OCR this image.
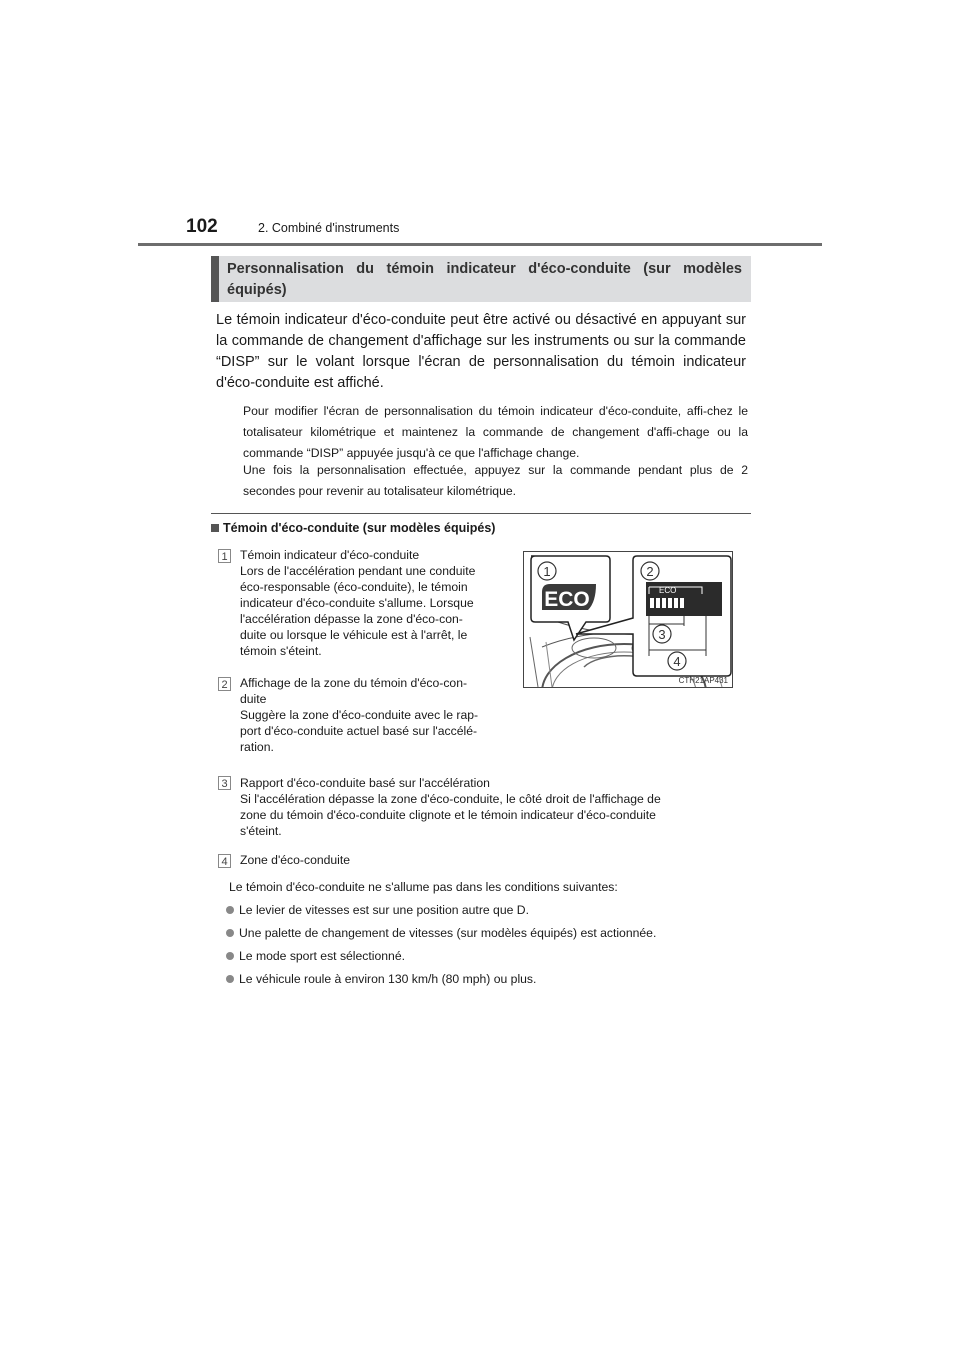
102	2. Combiné d'instruments
Personnalisation du témoin indicateur d'éco-conduite (sur modèles équipés)

Le témoin indicateur d'éco-conduite peut être activé ou désactivé en appuyant sur la commande de changement d'affichage sur les instruments ou sur la commande “DISP” sur le volant lorsque l'écran de personnalisation du témoin indicateur d'éco-conduite est affiché.

Pour modifier l'écran de personnalisation du témoin indicateur d'éco-conduite, affi-chez le totalisateur kilométrique et maintenez la commande de changement d'affi-chage ou la commande “DISP” appuyée jusqu'à ce que l'affichage change.

Une fois la personnalisation effectuée, appuyez sur la commande pendant plus de 2 secondes pour revenir au totalisateur kilométrique.

Témoin d'éco-conduite (sur modèles équipés)
1 Témoin indicateur d'éco-conduite
Lors de l'accélération pendant une conduite
éco-responsable (éco-conduite), le témoin
indicateur d'éco-conduite s'allume. Lorsque
l'accélération dépasse la zone d'éco-con-
duite ou lorsque le véhicule est à l'arrêt, le
témoin s'éteint.
2 Affichage de la zone du témoin d'éco-con-
duite
Suggère la zone d'éco-conduite avec le rap-
port d'éco-conduite actuel basé sur l'accélé-
ration.
3 Rapport d'éco-conduite basé sur l'accélération
Si l'accélération dépasse la zone d'éco-conduite, le côté droit de l'affichage de
zone du témoin d'éco-conduite clignote et le témoin indicateur d'éco-conduite
s'éteint.
4 Zone d'éco-conduite
ECO	ECO
1	2
3
4
CTH21AP431

Le témoin d'éco-conduite ne s'allume pas dans les conditions suivantes:

Le levier de vitesses est sur une position autre que D.
Une palette de changement de vitesses (sur modèles équipés) est actionnée.
Le mode sport est sélectionné.
Le véhicule roule à environ 130 km/h (80 mph) ou plus.
